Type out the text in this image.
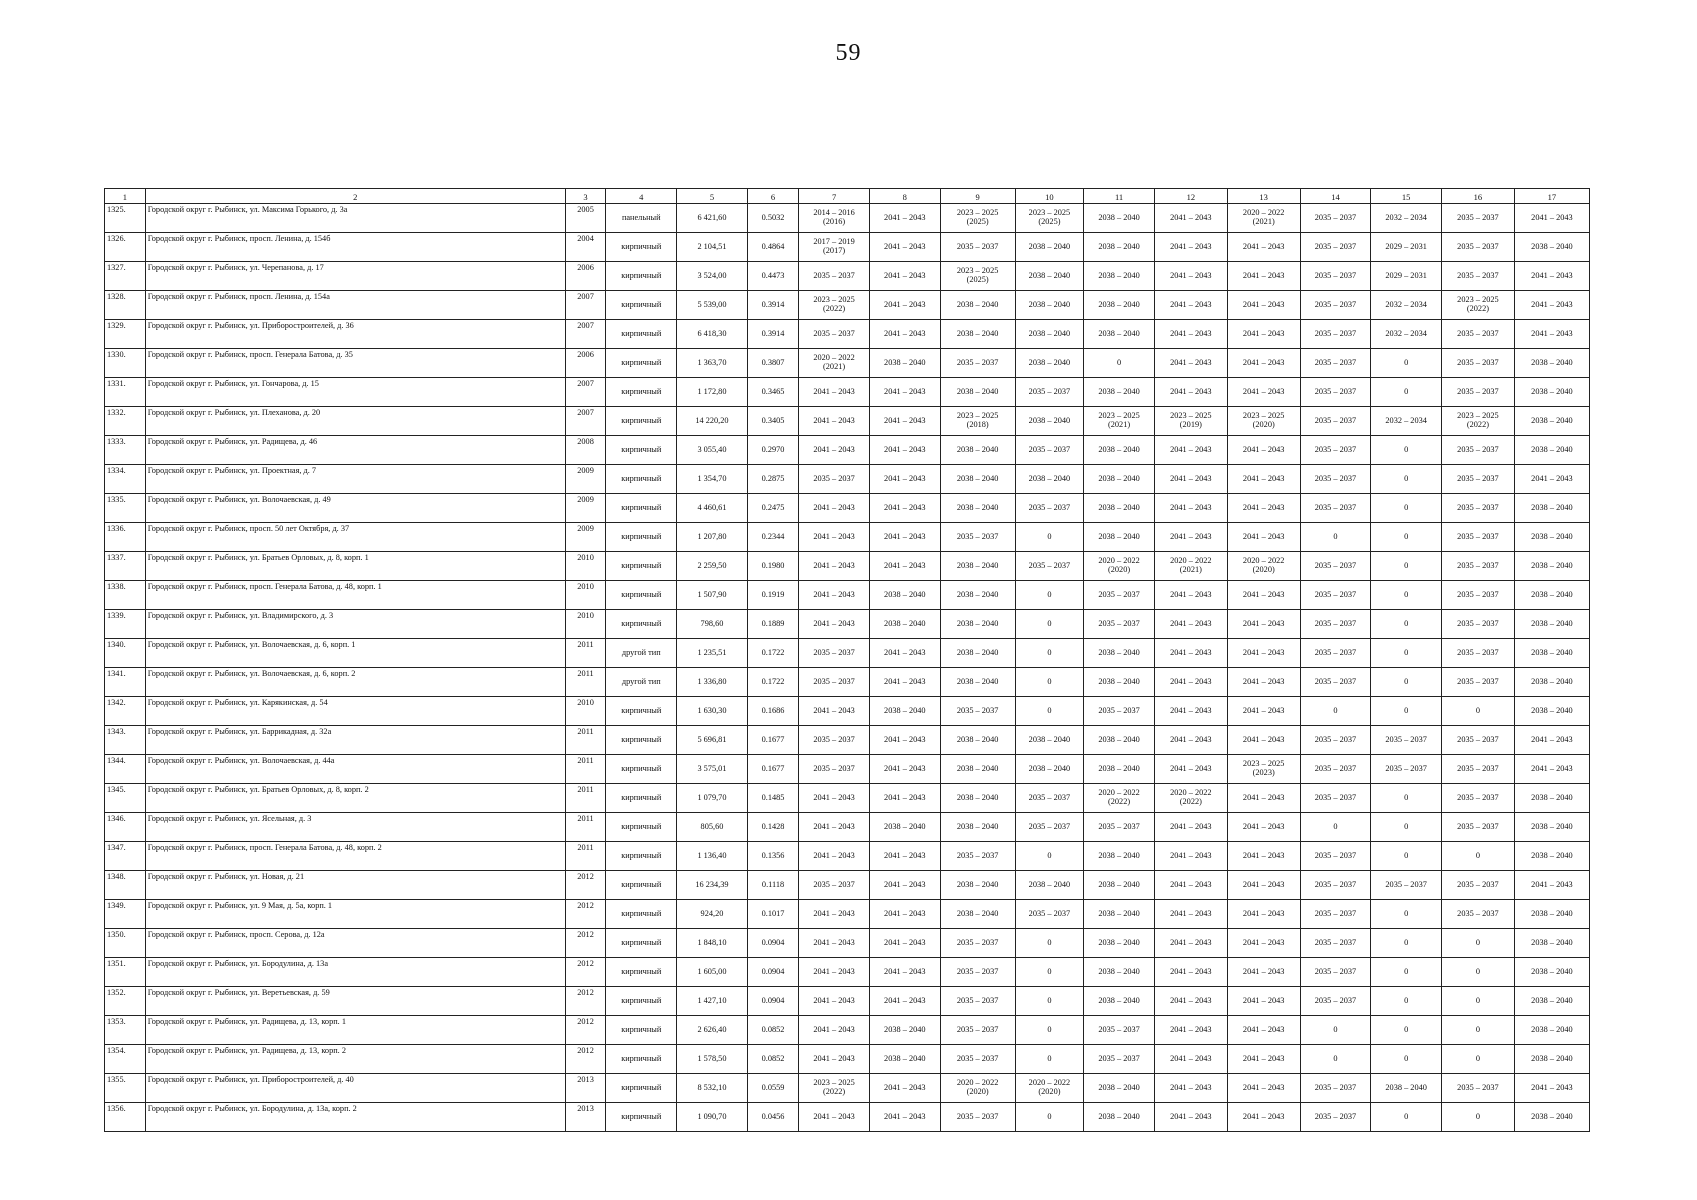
59
1	2	3	4	5	6	7	8	9	10	11	12	13	14	15	16	17
1325.	Городской округ г. Рыбинск, ул. Максима Горького, д. 3а	2005	панельный	6 421,60	0.5032	2014 – 2016
(2016)	2041 – 2043	2023 – 2025
(2025)	2023 – 2025
(2025)	2038 – 2040	2041 – 2043	2020 – 2022
(2021)	2035 – 2037	2032 – 2034	2035 – 2037	2041 – 2043
1326.	Городской округ г. Рыбинск, просп. Ленина, д. 154б	2004	кирпичный	2 104,51	0.4864	2017 – 2019
(2017)	2041 – 2043	2035 – 2037	2038 – 2040	2038 – 2040	2041 – 2043	2041 – 2043	2035 – 2037	2029 – 2031	2035 – 2037	2038 – 2040
1327.	Городской округ г. Рыбинск, ул. Черепанова, д. 17	2006	кирпичный	3 524,00	0.4473	2035 – 2037	2041 – 2043	2023 – 2025
(2025)	2038 – 2040	2038 – 2040	2041 – 2043	2041 – 2043	2035 – 2037	2029 – 2031	2035 – 2037	2041 – 2043
1328.	Городской округ г. Рыбинск, просп. Ленина, д. 154а	2007	кирпичный	5 539,00	0.3914	2023 – 2025
(2022)	2041 – 2043	2038 – 2040	2038 – 2040	2038 – 2040	2041 – 2043	2041 – 2043	2035 – 2037	2032 – 2034	2023 – 2025
(2022)	2041 – 2043
1329.	Городской округ г. Рыбинск, ул. Приборостроителей, д. 36	2007	кирпичный	6 418,30	0.3914	2035 – 2037	2041 – 2043	2038 – 2040	2038 – 2040	2038 – 2040	2041 – 2043	2041 – 2043	2035 – 2037	2032 – 2034	2035 – 2037	2041 – 2043
1330.	Городской округ г. Рыбинск, просп. Генерала Батова, д. 35	2006	кирпичный	1 363,70	0.3807	2020 – 2022
(2021)	2038 – 2040	2035 – 2037	2038 – 2040	0	2041 – 2043	2041 – 2043	2035 – 2037	0	2035 – 2037	2038 – 2040
1331.	Городской округ г. Рыбинск, ул. Гончарова, д. 15	2007	кирпичный	1 172,80	0.3465	2041 – 2043	2041 – 2043	2038 – 2040	2035 – 2037	2038 – 2040	2041 – 2043	2041 – 2043	2035 – 2037	0	2035 – 2037	2038 – 2040
1332.	Городской округ г. Рыбинск, ул. Плеханова, д. 20	2007	кирпичный	14 220,20	0.3405	2041 – 2043	2041 – 2043	2023 – 2025
(2018)	2038 – 2040	2023 – 2025
(2021)	2023 – 2025
(2019)	2023 – 2025
(2020)	2035 – 2037	2032 – 2034	2023 – 2025
(2022)	2038 – 2040
1333.	Городской округ г. Рыбинск, ул. Радищева, д. 46	2008	кирпичный	3 055,40	0.2970	2041 – 2043	2041 – 2043	2038 – 2040	2035 – 2037	2038 – 2040	2041 – 2043	2041 – 2043	2035 – 2037	0	2035 – 2037	2038 – 2040
1334.	Городской округ г. Рыбинск, ул. Проектная, д. 7	2009	кирпичный	1 354,70	0.2875	2035 – 2037	2041 – 2043	2038 – 2040	2038 – 2040	2038 – 2040	2041 – 2043	2041 – 2043	2035 – 2037	0	2035 – 2037	2041 – 2043
1335.	Городской округ г. Рыбинск, ул. Волочаевская, д. 49	2009	кирпичный	4 460,61	0.2475	2041 – 2043	2041 – 2043	2038 – 2040	2035 – 2037	2038 – 2040	2041 – 2043	2041 – 2043	2035 – 2037	0	2035 – 2037	2038 – 2040
1336.	Городской округ г. Рыбинск, просп. 50 лет Октября, д. 37	2009	кирпичный	1 207,80	0.2344	2041 – 2043	2041 – 2043	2035 – 2037	0	2038 – 2040	2041 – 2043	2041 – 2043	0	0	2035 – 2037	2038 – 2040
1337.	Городской округ г. Рыбинск, ул. Братьев Орловых, д. 8, корп. 1	2010	кирпичный	2 259,50	0.1980	2041 – 2043	2041 – 2043	2038 – 2040	2035 – 2037	2020 – 2022
(2020)	2020 – 2022
(2021)	2020 – 2022
(2020)	2035 – 2037	0	2035 – 2037	2038 – 2040
1338.	Городской округ г. Рыбинск, просп. Генерала Батова, д. 48, корп. 1	2010	кирпичный	1 507,90	0.1919	2041 – 2043	2038 – 2040	2038 – 2040	0	2035 – 2037	2041 – 2043	2041 – 2043	2035 – 2037	0	2035 – 2037	2038 – 2040
1339.	Городской округ г. Рыбинск, ул. Владимирского, д. 3	2010	кирпичный	798,60	0.1889	2041 – 2043	2038 – 2040	2038 – 2040	0	2035 – 2037	2041 – 2043	2041 – 2043	2035 – 2037	0	2035 – 2037	2038 – 2040
1340.	Городской округ г. Рыбинск, ул. Волочаевская, д. 6, корп. 1	2011	другой тип	1 235,51	0.1722	2035 – 2037	2041 – 2043	2038 – 2040	0	2038 – 2040	2041 – 2043	2041 – 2043	2035 – 2037	0	2035 – 2037	2038 – 2040
1341.	Городской округ г. Рыбинск, ул. Волочаевская, д. 6, корп. 2	2011	другой тип	1 336,80	0.1722	2035 – 2037	2041 – 2043	2038 – 2040	0	2038 – 2040	2041 – 2043	2041 – 2043	2035 – 2037	0	2035 – 2037	2038 – 2040
1342.	Городской округ г. Рыбинск, ул. Карякинская, д. 54	2010	кирпичный	1 630,30	0.1686	2041 – 2043	2038 – 2040	2035 – 2037	0	2035 – 2037	2041 – 2043	2041 – 2043	0	0	0	2038 – 2040
1343.	Городской округ г. Рыбинск, ул. Баррикадная, д. 32а	2011	кирпичный	5 696,81	0.1677	2035 – 2037	2041 – 2043	2038 – 2040	2038 – 2040	2038 – 2040	2041 – 2043	2041 – 2043	2035 – 2037	2035 – 2037	2035 – 2037	2041 – 2043
1344.	Городской округ г. Рыбинск, ул. Волочаевская, д. 44а	2011	кирпичный	3 575,01	0.1677	2035 – 2037	2041 – 2043	2038 – 2040	2038 – 2040	2038 – 2040	2041 – 2043	2023 – 2025
(2023)	2035 – 2037	2035 – 2037	2035 – 2037	2041 – 2043
1345.	Городской округ г. Рыбинск, ул. Братьев Орловых, д. 8, корп. 2	2011	кирпичный	1 079,70	0.1485	2041 – 2043	2041 – 2043	2038 – 2040	2035 – 2037	2020 – 2022
(2022)	2020 – 2022
(2022)	2041 – 2043	2035 – 2037	0	2035 – 2037	2038 – 2040
1346.	Городской округ г. Рыбинск, ул. Ясельная, д. 3	2011	кирпичный	805,60	0.1428	2041 – 2043	2038 – 2040	2038 – 2040	2035 – 2037	2035 – 2037	2041 – 2043	2041 – 2043	0	0	2035 – 2037	2038 – 2040
1347.	Городской округ г. Рыбинск, просп. Генерала Батова, д. 48, корп. 2	2011	кирпичный	1 136,40	0.1356	2041 – 2043	2041 – 2043	2035 – 2037	0	2038 – 2040	2041 – 2043	2041 – 2043	2035 – 2037	0	0	2038 – 2040
1348.	Городской округ г. Рыбинск, ул. Новая, д. 21	2012	кирпичный	16 234,39	0.1118	2035 – 2037	2041 – 2043	2038 – 2040	2038 – 2040	2038 – 2040	2041 – 2043	2041 – 2043	2035 – 2037	2035 – 2037	2035 – 2037	2041 – 2043
1349.	Городской округ г. Рыбинск, ул. 9 Мая, д. 5а, корп. 1	2012	кирпичный	924,20	0.1017	2041 – 2043	2041 – 2043	2038 – 2040	2035 – 2037	2038 – 2040	2041 – 2043	2041 – 2043	2035 – 2037	0	2035 – 2037	2038 – 2040
1350.	Городской округ г. Рыбинск, просп. Серова, д. 12а	2012	кирпичный	1 848,10	0.0904	2041 – 2043	2041 – 2043	2035 – 2037	0	2038 – 2040	2041 – 2043	2041 – 2043	2035 – 2037	0	0	2038 – 2040
1351.	Городской округ г. Рыбинск, ул. Бородулина, д. 13а	2012	кирпичный	1 605,00	0.0904	2041 – 2043	2041 – 2043	2035 – 2037	0	2038 – 2040	2041 – 2043	2041 – 2043	2035 – 2037	0	0	2038 – 2040
1352.	Городской округ г. Рыбинск, ул. Веретьевская, д. 59	2012	кирпичный	1 427,10	0.0904	2041 – 2043	2041 – 2043	2035 – 2037	0	2038 – 2040	2041 – 2043	2041 – 2043	2035 – 2037	0	0	2038 – 2040
1353.	Городской округ г. Рыбинск, ул. Радищева, д. 13, корп. 1	2012	кирпичный	2 626,40	0.0852	2041 – 2043	2038 – 2040	2035 – 2037	0	2035 – 2037	2041 – 2043	2041 – 2043	0	0	0	2038 – 2040
1354.	Городской округ г. Рыбинск, ул. Радищева, д. 13, корп. 2	2012	кирпичный	1 578,50	0.0852	2041 – 2043	2038 – 2040	2035 – 2037	0	2035 – 2037	2041 – 2043	2041 – 2043	0	0	0	2038 – 2040
1355.	Городской округ г. Рыбинск, ул. Приборостроителей, д. 40	2013	кирпичный	8 532,10	0.0559	2023 – 2025
(2022)	2041 – 2043	2020 – 2022
(2020)	2020 – 2022
(2020)	2038 – 2040	2041 – 2043	2041 – 2043	2035 – 2037	2038 – 2040	2035 – 2037	2041 – 2043
1356.	Городской округ г. Рыбинск, ул. Бородулина, д. 13а, корп. 2	2013	кирпичный	1 090,70	0.0456	2041 – 2043	2041 – 2043	2035 – 2037	0	2038 – 2040	2041 – 2043	2041 – 2043	2035 – 2037	0	0	2038 – 2040
